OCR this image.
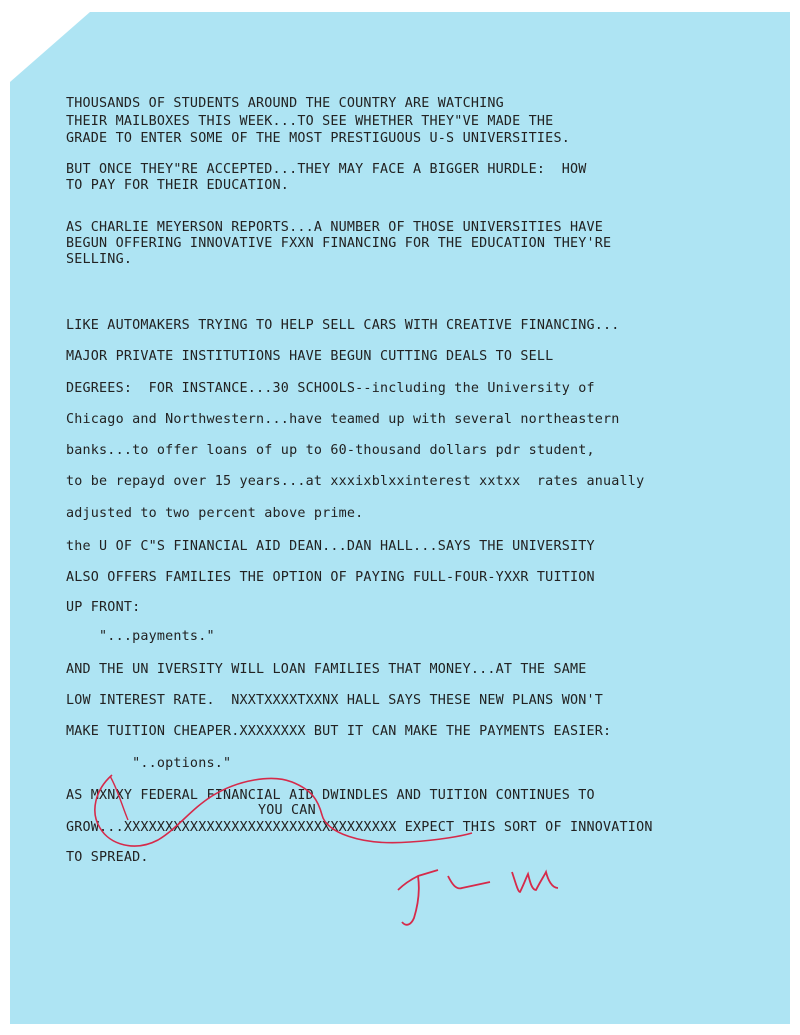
THOUSANDS OF STUDENTS AROUND THE COUNTRY ARE WATCHING
THEIR MAILBOXES THIS WEEK...TO SEE WHETHER THEY"VE MADE THE
GRADE TO ENTER SOME OF THE MOST PRESTIGUOUS U-S UNIVERSITIES.
BUT ONCE THEY"RE ACCEPTED...THEY MAY FACE A BIGGER HURDLE:  HOW
TO PAY FOR THEIR EDUCATION.
AS CHARLIE MEYERSON REPORTS...A NUMBER OF THOSE UNIVERSITIES HAVE
BEGUN OFFERING INNOVATIVE FXXN FINANCING FOR THE EDUCATION THEY'RE
SELLING.
LIKE AUTOMAKERS TRYING TO HELP SELL CARS WITH CREATIVE FINANCING...
MAJOR PRIVATE INSTITUTIONS HAVE BEGUN CUTTING DEALS TO SELL
DEGREES:  FOR INSTANCE...30 SCHOOLS--including the University of
Chicago and Northwestern...have teamed up with several northeastern
banks...to offer loans of up to 60-thousand dollars pdr student,
to be repayd over 15 years...at xxxixblxxinterest xxtxx  rates anually
adjusted to two percent above prime.
the U OF C"S FINANCIAL AID DEAN...DAN HALL...SAYS THE UNIVERSITY
ALSO OFFERS FAMILIES THE OPTION OF PAYING FULL-FOUR-YXXR TUITION
UP FRONT:
"...payments."
AND THE UN IVERSITY WILL LOAN FAMILIES THAT MONEY...AT THE SAME
LOW INTEREST RATE.  NXXTXXXXTXXNX HALL SAYS THESE NEW PLANS WON'T
MAKE TUITION CHEAPER.XXXXXXXX BUT IT CAN MAKE THE PAYMENTS EASIER:
"..options."
AS MXNXY FEDERAL FINANCIAL AID DWINDLES AND TUITION CONTINUES TO
YOU CAN
GROW...XXXXXXXXXXXXXXXXXXXXXXXXXXXXXXXXX EXPECT THIS SORT OF INNOVATION
TO SPREAD.
